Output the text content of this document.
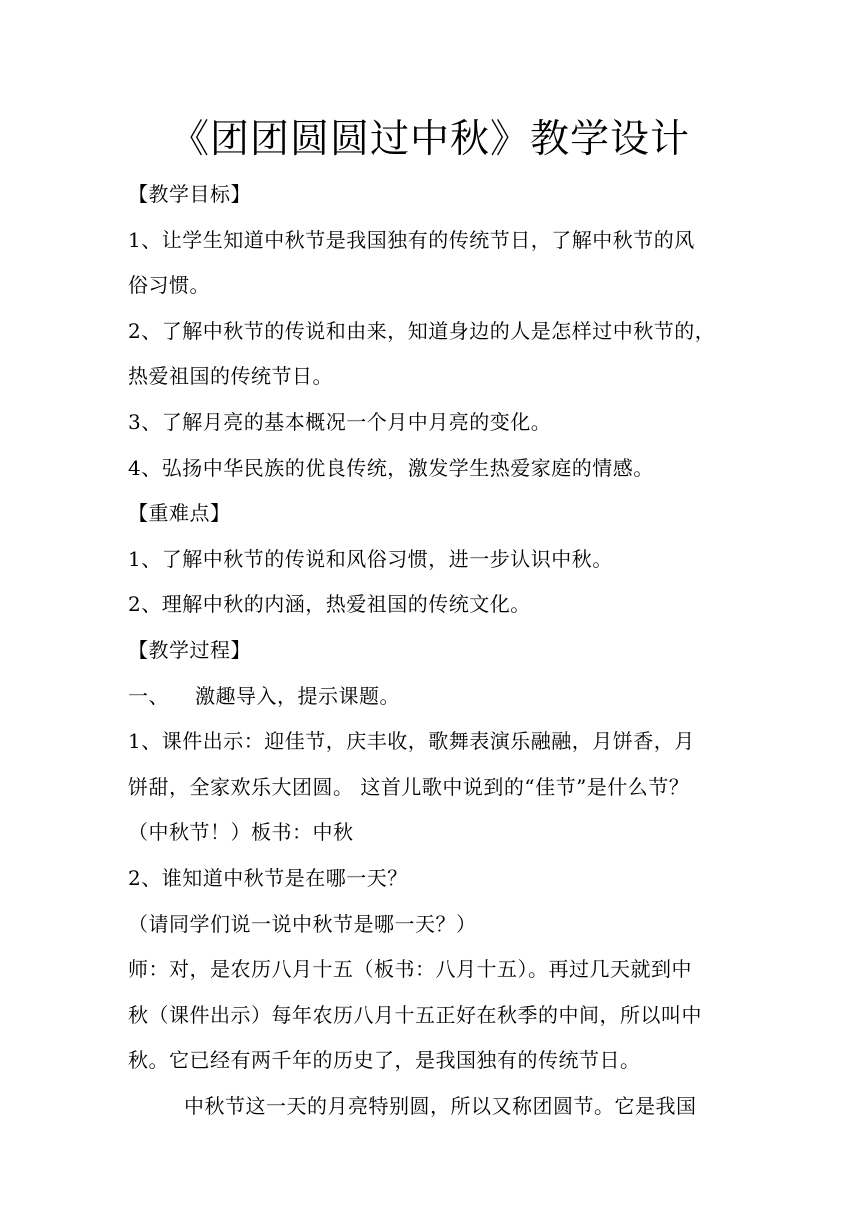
《团团圆圆过中秋》教学设计

【教学目标】

1、让学生知道中秋节是我国独有的传统节日，了解中秋节的风

俗习惯。

2、了解中秋节的传说和由来，知道身边的人是怎样过中秋节的，

热爱祖国的传统节日。

3、了解月亮的基本概况一个月中月亮的变化。

4、弘扬中华民族的优良传统，激发学生热爱家庭的情感。

【重难点】

1、了解中秋节的传说和风俗习惯，进一步认识中秋。

2、理解中秋的内涵，热爱祖国的传统文化。

【教学过程】

一、 激趣导入，提示课题。

1、课件出示：迎佳节，庆丰收，歌舞表演乐融融，月饼香，月

饼甜，全家欢乐大团圆。 这首儿歌中说到的“佳节”是什么节？

（中秋节！）板书：中秋

2、谁知道中秋节是在哪一天？

（请同学们说一说中秋节是哪一天？）

师：对，是农历八月十五（板书：八月十五）。再过几天就到中

秋（课件出示）每年农历八月十五正好在秋季的中间，所以叫中

秋。它已经有两千年的历史了，是我国独有的传统节日。

中秋节这一天的月亮特别圆，所以又称团圆节。它是我国
